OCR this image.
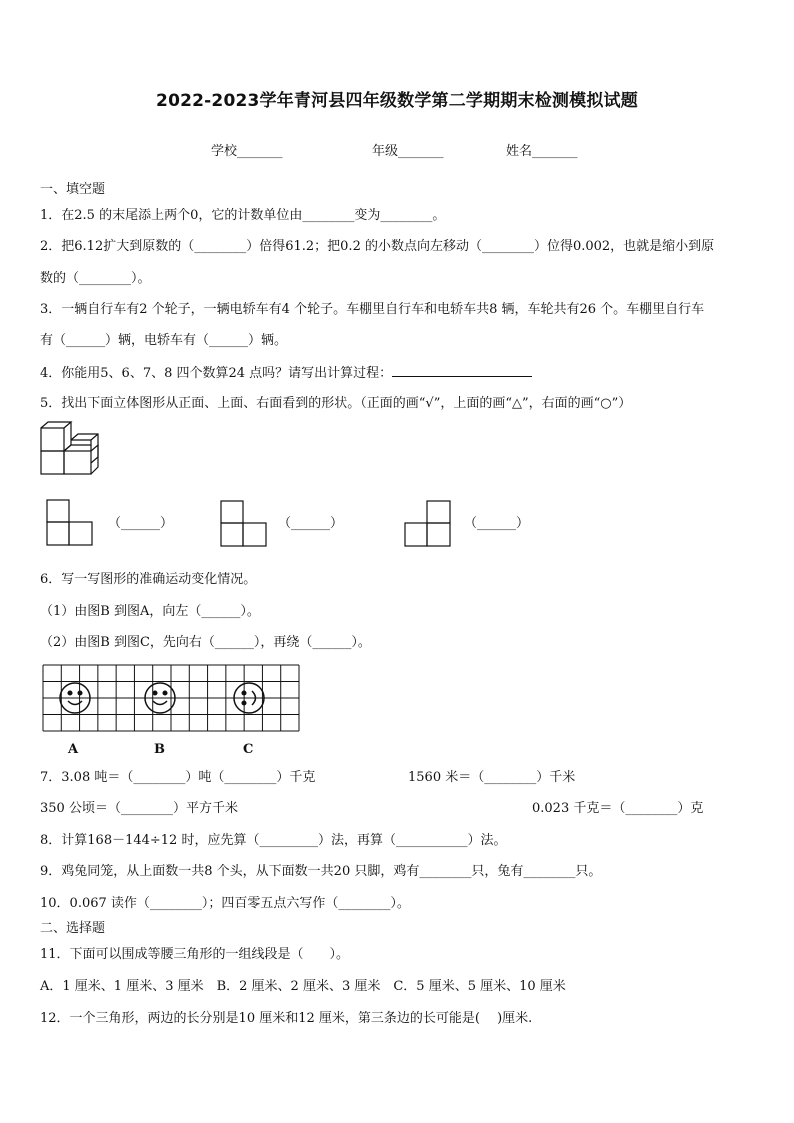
2022-2023学年青河县四年级数学第二学期期末检测模拟试题
学校_______	年级_______	姓名_______
一、填空题
1．在2.5 的末尾添上两个0，它的计数单位由________变为________。
2．把6.12扩大到原数的（________）倍得61.2；把0.2 的小数点向左移动（________）位得0.002，也就是缩小到原
数的（________）。
3．一辆自行车有2 个轮子，一辆电轿车有4 个轮子。车棚里自行车和电轿车共8 辆，车轮共有26 个。车棚里自行车
有（______）辆，电轿车有（______）辆。
4．你能用5、6、7、8 四个数算24 点吗？请写出计算过程：
5．找出下面立体图形从正面、上面、右面看到的形状。（正面的画“√”，上面的画“△”，右面的画“○”）
（______）	（______）	（______）
6．写一写图形的准确运动变化情况。
（1）由图B 到图A，向左（______）。
（2）由图B 到图C，先向右（______），再绕（______）。
A	B	C
7．3.08 吨＝（________）吨（________）千克	1560 米＝（________）千米
350 公顷＝（________）平方千米	0.023 千克＝（________）克
8．计算168－144÷12 时，应先算（_________）法，再算（___________）法。
9．鸡兔同笼，从上面数一共8 个头，从下面数一共20 只脚，鸡有________只，兔有________只。
10．0.067 读作（________）；四百零五点六写作（________）。
二、选择题
11．下面可以围成等腰三角形的一组线段是（　　）。
A．1 厘米、1 厘米、3 厘米　B．2 厘米、2 厘米、3 厘米　C．5 厘米、5 厘米、10 厘米
12．一个三角形，两边的长分别是10 厘米和12 厘米，第三条边的长可能是(　 )厘米.
